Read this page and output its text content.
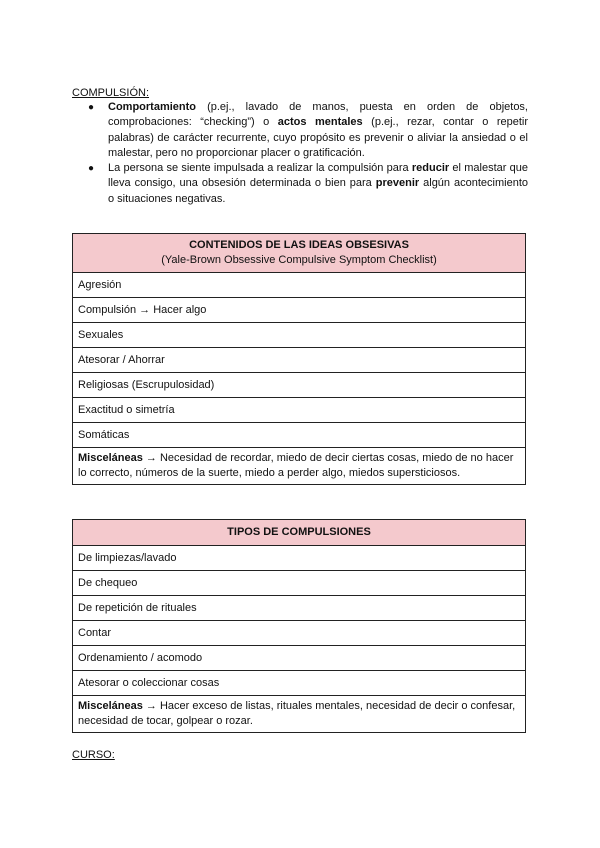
COMPULSIÓN:
● Comportamiento (p.ej., lavado de manos, puesta en orden de objetos, comprobaciones: “checking”) o actos mentales (p.ej., rezar, contar o repetir palabras) de carácter recurrente, cuyo propósito es prevenir o aliviar la ansiedad o el malestar, pero no proporcionar placer o gratificación.
● La persona se siente impulsada a realizar la compulsión para reducir el malestar que lleva consigo, una obsesión determinada o bien para prevenir algún acontecimiento o situaciones negativas.
CONTENIDOS DE LAS IDEAS OBSESIVAS
(Yale-Brown Obsessive Compulsive Symptom Checklist)

Agresión
Compulsión → Hacer algo
Sexuales
Atesorar / Ahorrar
Religiosas (Escrupulosidad)
Exactitud o simetría
Somáticas
Misceláneas → Necesidad de recordar, miedo de decir ciertas cosas, miedo de no hacer lo correcto, números de la suerte, miedo a perder algo, miedos supersticiosos.
TIPOS DE COMPULSIONES

De limpiezas/lavado
De chequeo
De repetición de rituales
Contar
Ordenamiento / acomodo
Atesorar o coleccionar cosas
Misceláneas → Hacer exceso de listas, rituales mentales, necesidad de decir o confesar, necesidad de tocar, golpear o rozar.
CURSO:
